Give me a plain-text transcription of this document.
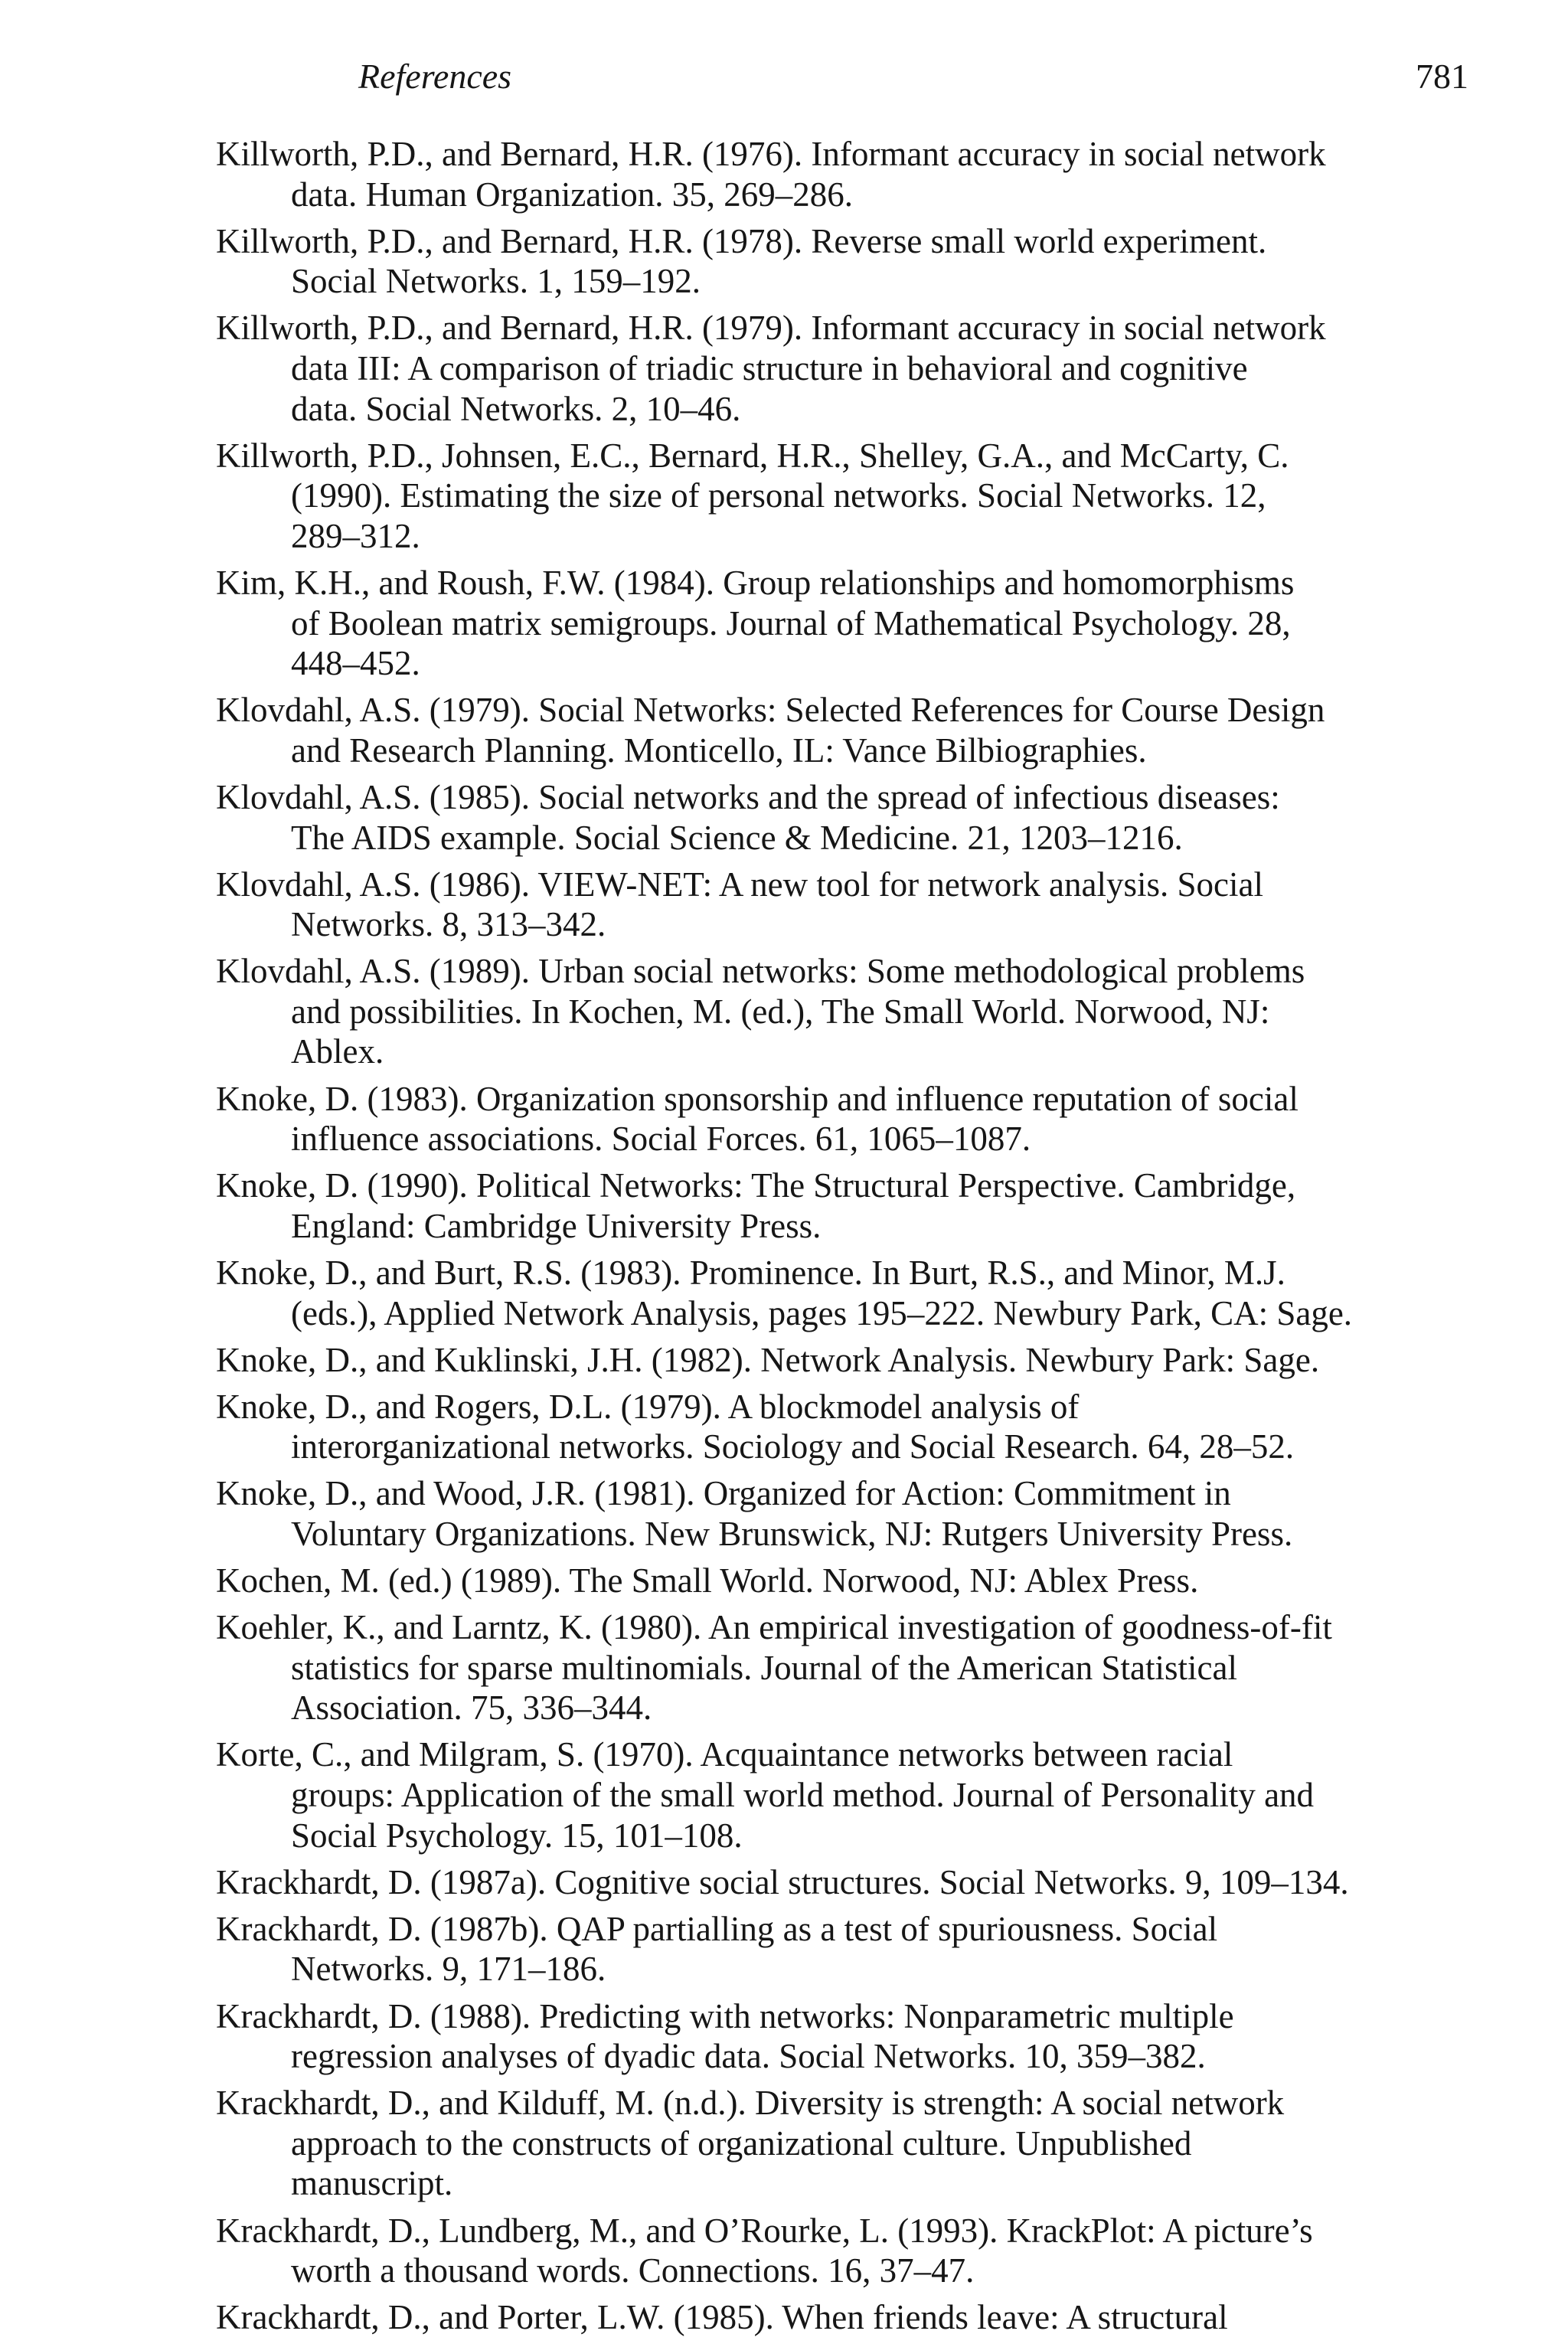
References	781
Killworth, P.D., and Bernard, H.R. (1976). Informant accuracy in social network
data. Human Organization. 35, 269–286.
Killworth, P.D., and Bernard, H.R. (1978). Reverse small world experiment.
Social Networks. 1, 159–192.
Killworth, P.D., and Bernard, H.R. (1979). Informant accuracy in social network
data III: A comparison of triadic structure in behavioral and cognitive
data. Social Networks. 2, 10–46.
Killworth, P.D., Johnsen, E.C., Bernard, H.R., Shelley, G.A., and McCarty, C.
(1990). Estimating the size of personal networks. Social Networks. 12,
289–312.
Kim, K.H., and Roush, F.W. (1984). Group relationships and homomorphisms
of Boolean matrix semigroups. Journal of Mathematical Psychology. 28,
448–452.
Klovdahl, A.S. (1979). Social Networks: Selected References for Course Design
and Research Planning. Monticello, IL: Vance Bilbiographies.
Klovdahl, A.S. (1985). Social networks and the spread of infectious diseases:
The AIDS example. Social Science & Medicine. 21, 1203–1216.
Klovdahl, A.S. (1986). VIEW-NET: A new tool for network analysis. Social
Networks. 8, 313–342.
Klovdahl, A.S. (1989). Urban social networks: Some methodological problems
and possibilities. In Kochen, M. (ed.), The Small World. Norwood, NJ:
Ablex.
Knoke, D. (1983). Organization sponsorship and influence reputation of social
influence associations. Social Forces. 61, 1065–1087.
Knoke, D. (1990). Political Networks: The Structural Perspective. Cambridge,
England: Cambridge University Press.
Knoke, D., and Burt, R.S. (1983). Prominence. In Burt, R.S., and Minor, M.J.
(eds.), Applied Network Analysis, pages 195–222. Newbury Park, CA: Sage.
Knoke, D., and Kuklinski, J.H. (1982). Network Analysis. Newbury Park: Sage.
Knoke, D., and Rogers, D.L. (1979). A blockmodel analysis of
interorganizational networks. Sociology and Social Research. 64, 28–52.
Knoke, D., and Wood, J.R. (1981). Organized for Action: Commitment in
Voluntary Organizations. New Brunswick, NJ: Rutgers University Press.
Kochen, M. (ed.) (1989). The Small World. Norwood, NJ: Ablex Press.
Koehler, K., and Larntz, K. (1980). An empirical investigation of goodness-of-fit
statistics for sparse multinomials. Journal of the American Statistical
Association. 75, 336–344.
Korte, C., and Milgram, S. (1970). Acquaintance networks between racial
groups: Application of the small world method. Journal of Personality and
Social Psychology. 15, 101–108.
Krackhardt, D. (1987a). Cognitive social structures. Social Networks. 9, 109–134.
Krackhardt, D. (1987b). QAP partialling as a test of spuriousness. Social
Networks. 9, 171–186.
Krackhardt, D. (1988). Predicting with networks: Nonparametric multiple
regression analyses of dyadic data. Social Networks. 10, 359–382.
Krackhardt, D., and Kilduff, M. (n.d.). Diversity is strength: A social network
approach to the constructs of organizational culture. Unpublished
manuscript.
Krackhardt, D., Lundberg, M., and O’Rourke, L. (1993). KrackPlot: A picture’s
worth a thousand words. Connections. 16, 37–47.
Krackhardt, D., and Porter, L.W. (1985). When friends leave: A structural
